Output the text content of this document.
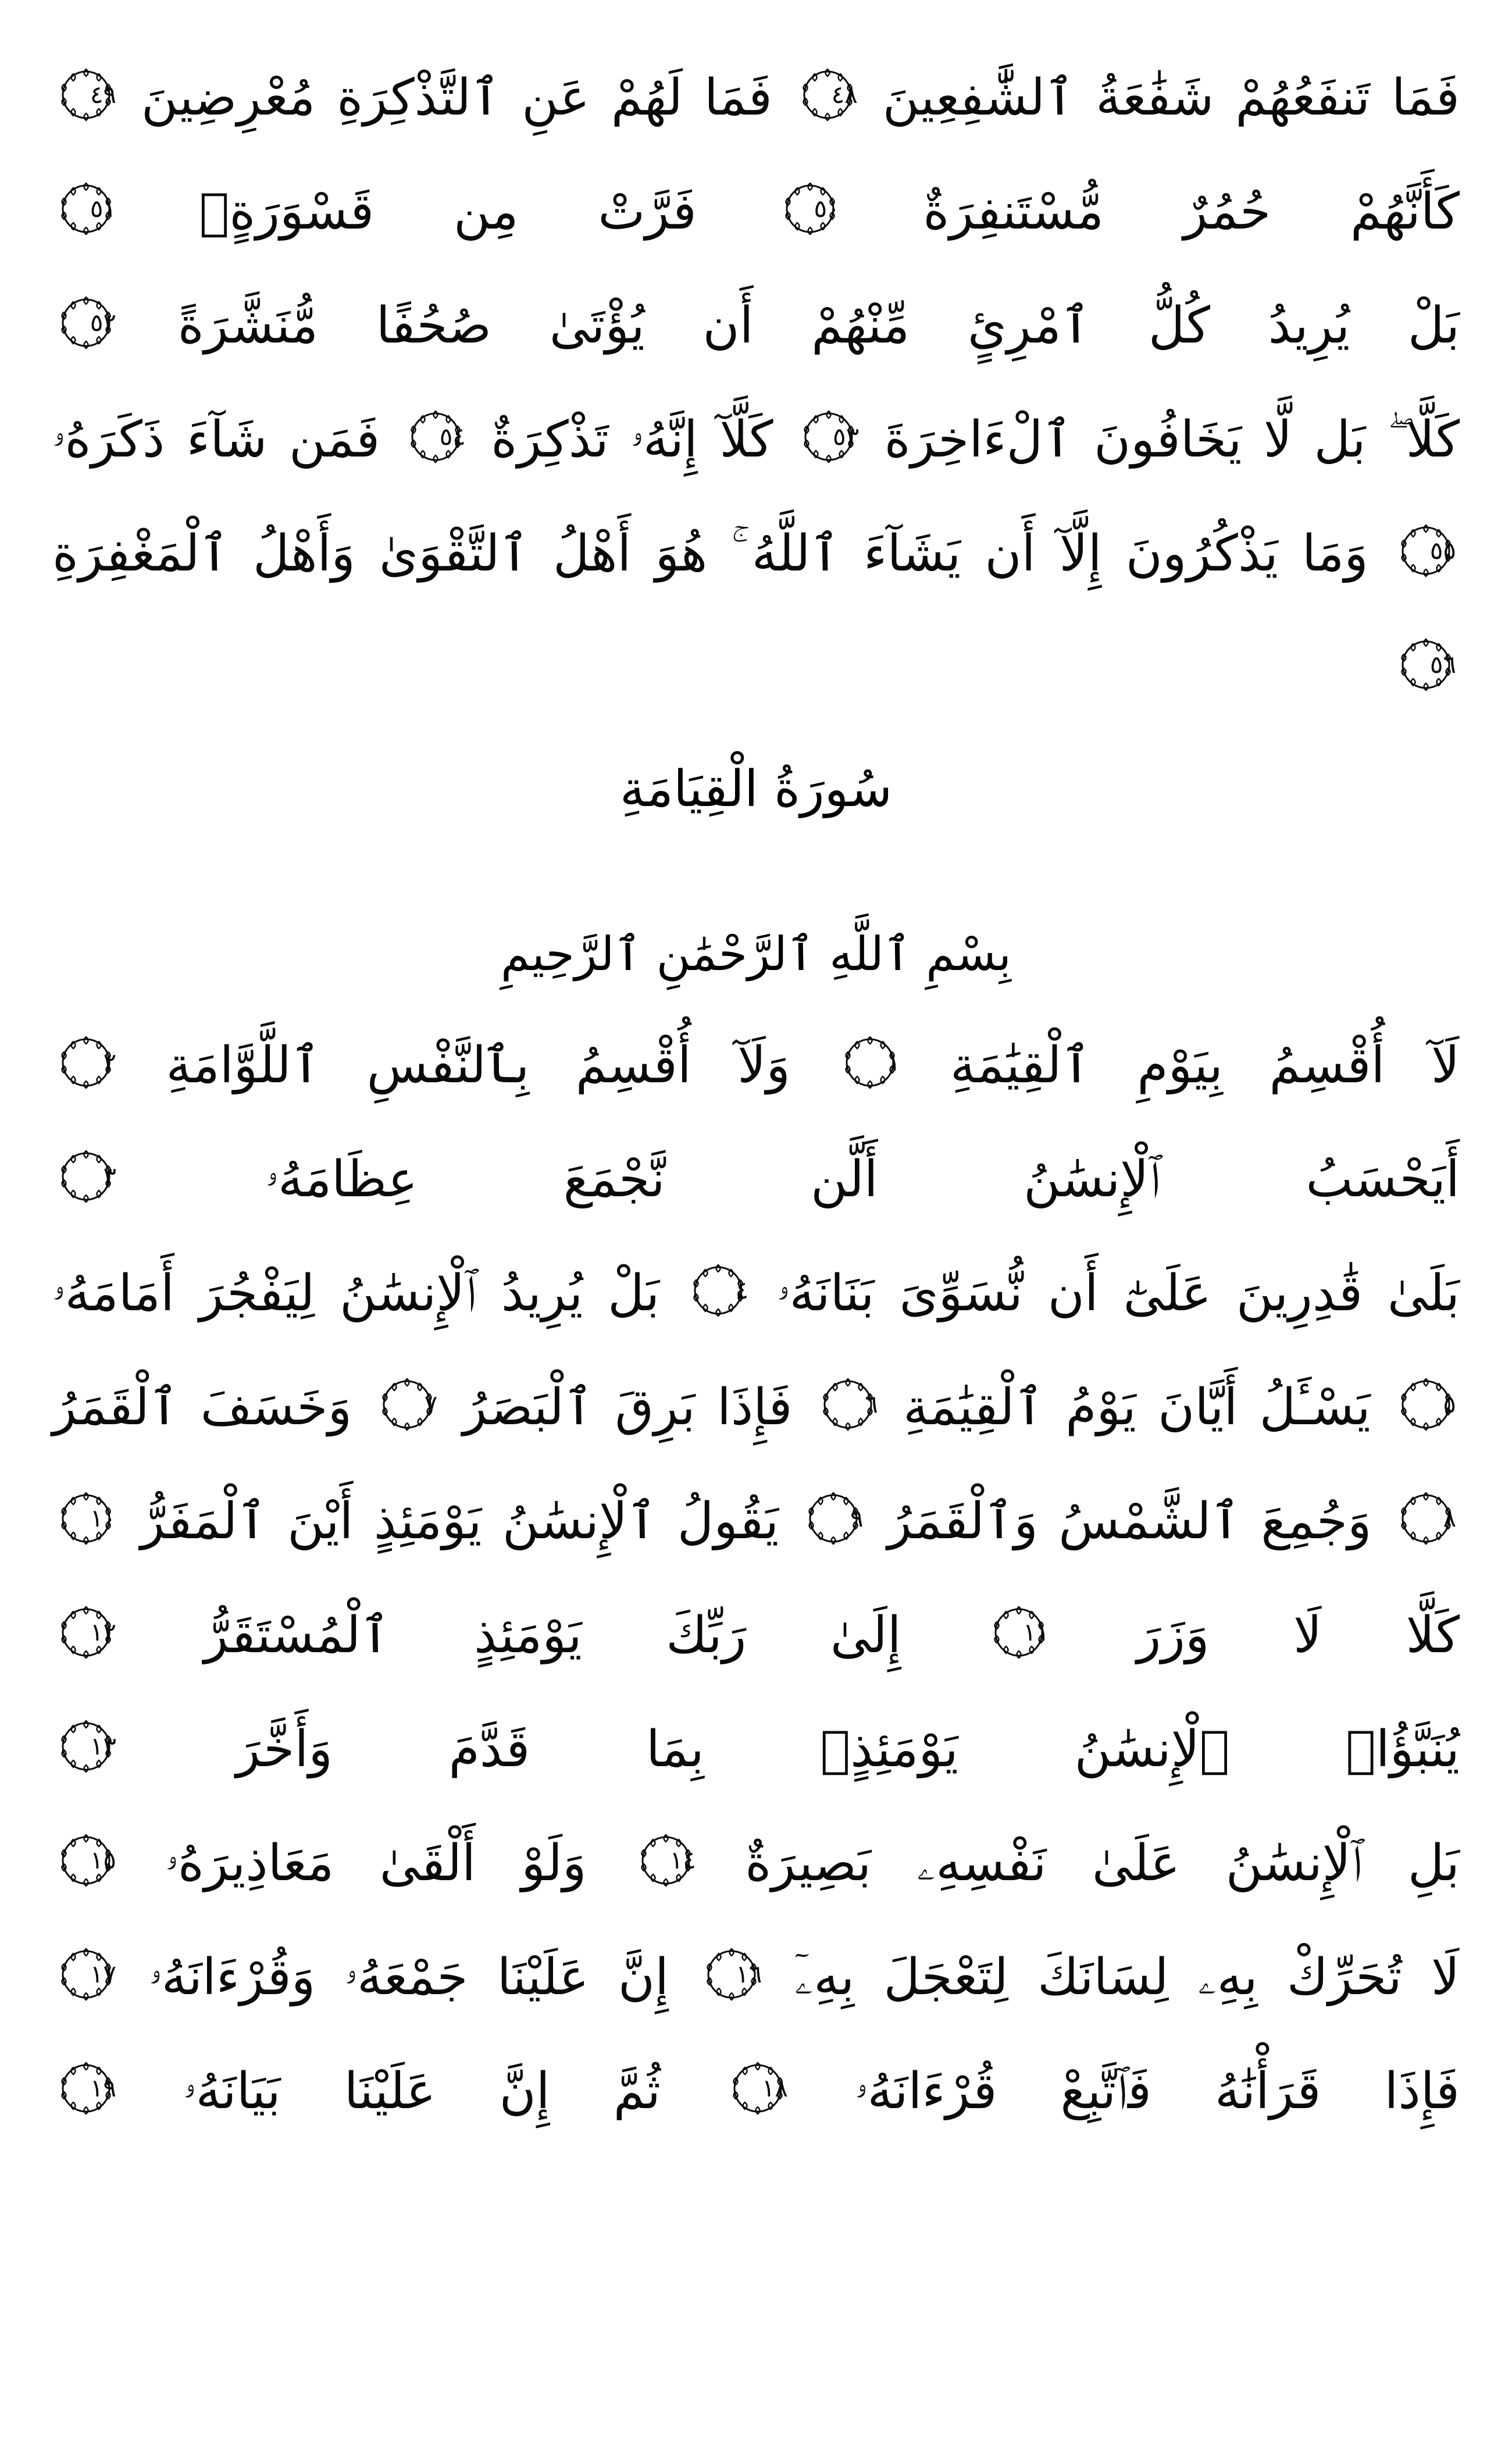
فَمَا تَنفَعُهُمْ شَفَٰعَةُ ٱلشَّٰفِعِينَ
٤٨
فَمَا لَهُمْ عَنِ ٱلتَّذْكِرَةِ مُعْرِضِينَ
٤٩
كَأَنَّهُمْ حُمُرٌ مُّسْتَنفِرَةٌ
٥٠
فَرَّتْ مِن قَسْوَرَةٍۭ
٥١
بَلْ يُرِيدُ كُلُّ ٱمْرِئٍ مِّنْهُمْ أَن يُؤْتَىٰ صُحُفًا مُّنَشَّرَةً
٥٢
كَلَّا ۖ بَل لَّا يَخَافُونَ ٱلْءَاخِرَةَ
٥٣
كَلَّآ إِنَّهُۥ تَذْكِرَةٌ
٥٤
فَمَن شَآءَ ذَكَرَهُۥ
٥٥
وَمَا يَذْكُرُونَ إِلَّآ أَن يَشَآءَ ٱللَّهُ ۚ هُوَ أَهْلُ ٱلتَّقْوَىٰ وَأَهْلُ ٱلْمَغْفِرَةِ
٥٦
سُورَةُ الْقِيَامَةِ
بِسْمِ ٱللَّهِ ٱلرَّحْمَٰنِ ٱلرَّحِيمِ
لَآ أُقْسِمُ بِيَوْمِ ٱلْقِيَٰمَةِ
١
وَلَآ أُقْسِمُ بِٱلنَّفْسِ ٱللَّوَّامَةِ
٢
أَيَحْسَبُ ٱلْإِنسَٰنُ أَلَّن نَّجْمَعَ عِظَامَهُۥ
٣
بَلَىٰ قَٰدِرِينَ عَلَىٰٓ أَن نُّسَوِّىَ بَنَانَهُۥ
٤
بَلْ يُرِيدُ ٱلْإِنسَٰنُ لِيَفْجُرَ أَمَامَهُۥ
٥
يَسْـَٔلُ أَيَّانَ يَوْمُ ٱلْقِيَٰمَةِ
٦
فَإِذَا بَرِقَ ٱلْبَصَرُ
٧
وَخَسَفَ ٱلْقَمَرُ
٨
وَجُمِعَ ٱلشَّمْسُ وَٱلْقَمَرُ
٩
يَقُولُ ٱلْإِنسَٰنُ يَوْمَئِذٍ أَيْنَ ٱلْمَفَرُّ
١٠
كَلَّا لَا وَزَرَ
١١
إِلَىٰ رَبِّكَ يَوْمَئِذٍ ٱلْمُسْتَقَرُّ
١٢
يُنَبَّؤُا۟ ٱلْإِنسَٰنُ يَوْمَئِذٍۭ بِمَا قَدَّمَ وَأَخَّرَ
١٣
بَلِ ٱلْإِنسَٰنُ عَلَىٰ نَفْسِهِۦ بَصِيرَةٌ
١٤
وَلَوْ أَلْقَىٰ مَعَاذِيرَهُۥ
١٥
لَا تُحَرِّكْ بِهِۦ لِسَانَكَ لِتَعْجَلَ بِهِۦٓ
١٦
إِنَّ عَلَيْنَا جَمْعَهُۥ وَقُرْءَانَهُۥ
١٧
فَإِذَا قَرَأْنَٰهُ فَٱتَّبِعْ قُرْءَانَهُۥ
١٨
ثُمَّ إِنَّ عَلَيْنَا بَيَانَهُۥ
١٩
